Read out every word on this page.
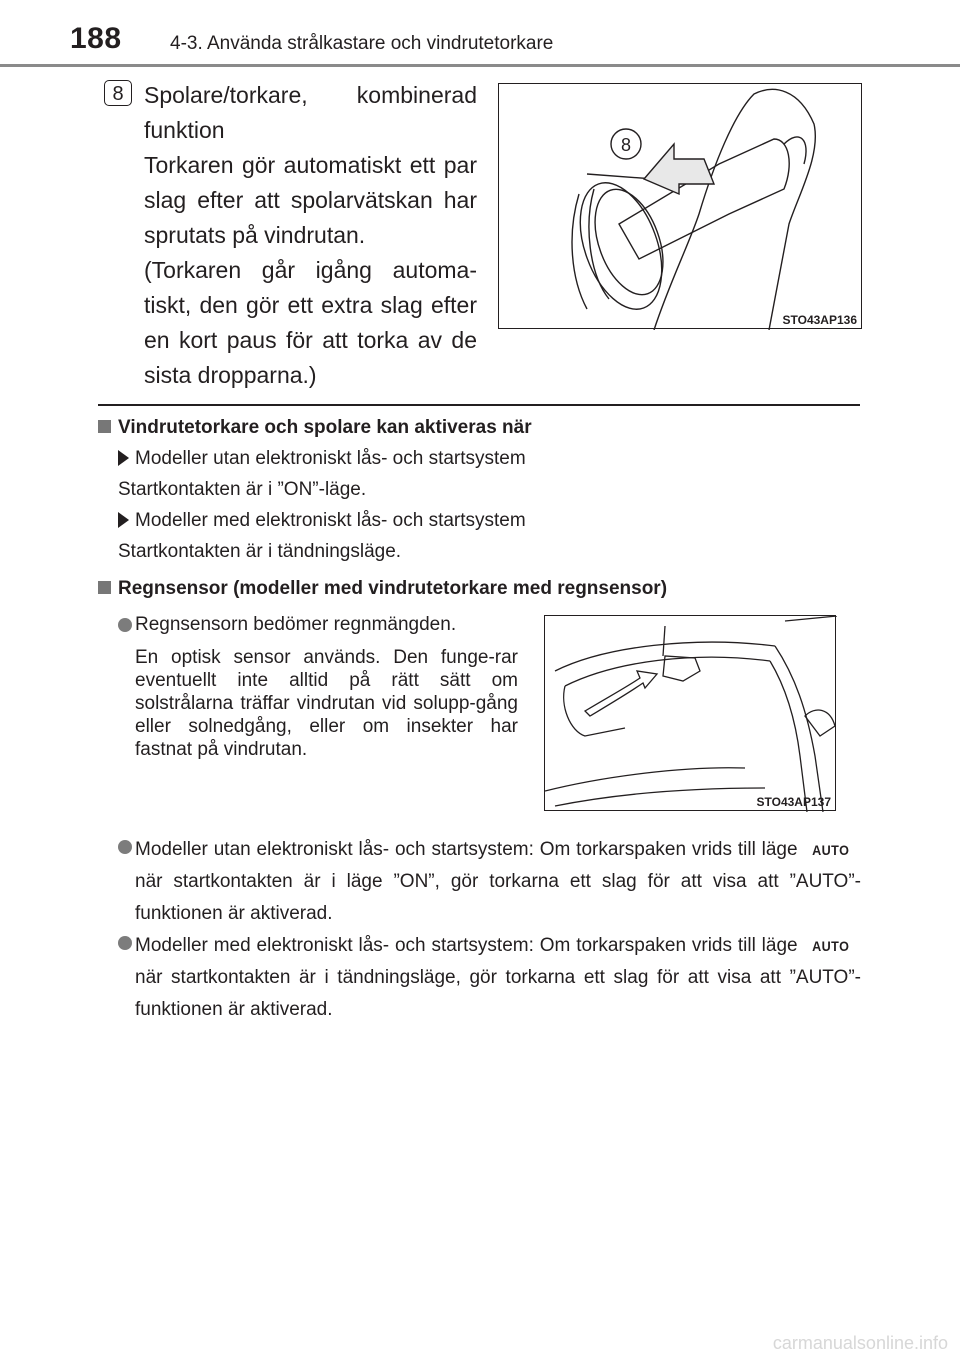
188	4-3. Använda strålkastare och vindrutetorkare
8 Spolare/torkare, kombinerad funktion

Torkaren gör automatiskt ett par slag efter att spolarvätskan har sprutats på vindrutan.

(Torkaren går igång automa-tiskt, den gör ett extra slag efter en kort paus för att torka av de sista dropparna.)

8
STO43AP136
Vindrutetorkare och spolare kan aktiveras när
Modeller utan elektroniskt lås- och startsystem
Startkontakten är i ”ON”-läge.
Modeller med elektroniskt lås- och startsystem
Startkontakten är i tändningsläge.
Regnsensor (modeller med vindrutetorkare med regnsensor)
Regnsensorn bedömer regnmängden.

En optisk sensor används. Den funge-rar eventuellt inte alltid på rätt sätt om solstrålarna träffar vindrutan vid solupp-gång eller solnedgång, eller om insekter har fastnat på vindrutan.

STO43AP137

Modeller utan elektroniskt lås- och startsystem: Om torkarspaken vrids till läge AUTOnär startkontakten är i läge ”ON”, gör torkarna ett slag för att visa att ”AUTO”-funktionen är aktiverad.

Modeller med elektroniskt lås- och startsystem: Om torkarspaken vrids till läge AUTOnär startkontakten är i tändningsläge, gör torkarna ett slag för att visa att ”AUTO”-funktionen är aktiverad.

carmanualsonline.info
